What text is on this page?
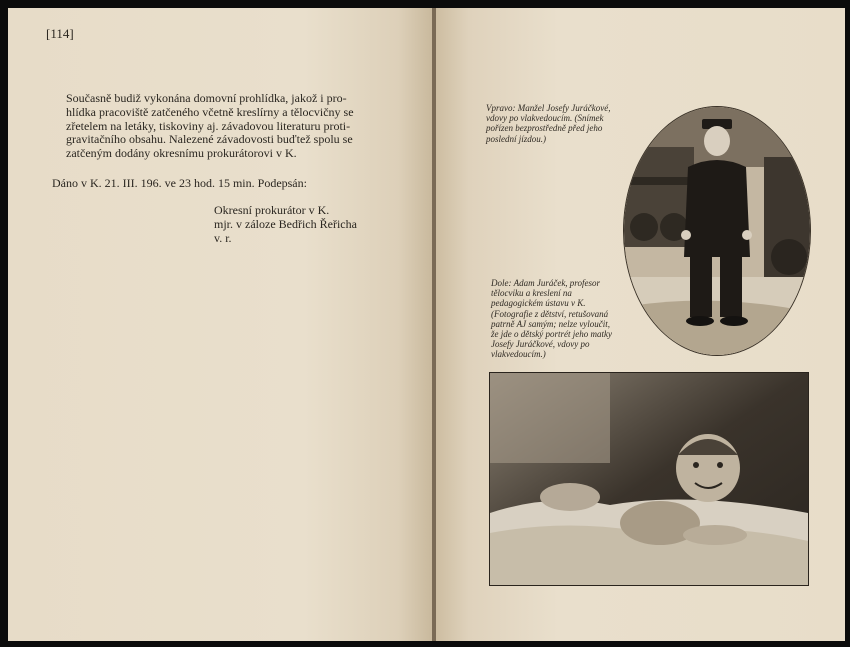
[114]
Současně budiž vykonána domovní prohlídka, jakož i pro-
hlídka pracoviště zatčeného včetně kreslírny a tělocvičny se
zřetelem na letáky, tiskoviny aj. závadovou literaturu proti-
gravitačního obsahu. Nalezené závadovosti buďtež spolu se
zatčeným dodány okresnímu prokurátorovi v K.
Dáno v K. 21. III. 196. ve 23 hod. 15 min. Podepsán:
Okresní prokurátor v K.
mjr. v záloze Bedřich Řeřicha
v. r.
Vpravo: Manžel Josefy Juráčkové,
vdovy po vlakvedoucím. (Snímek
pořízen bezprostředně před jeho
poslední jízdou.)
Dole: Adam Juráček, profesor
tělocviku a kreslení na
pedagogickém ústavu v K.
(Fotografie z dětství, retušovaná
patrně AJ samým; nelze vyloučit,
že jde o dětský portrét jeho matky
Josefy Juráčkové, vdovy po
vlakvedoucím.)
